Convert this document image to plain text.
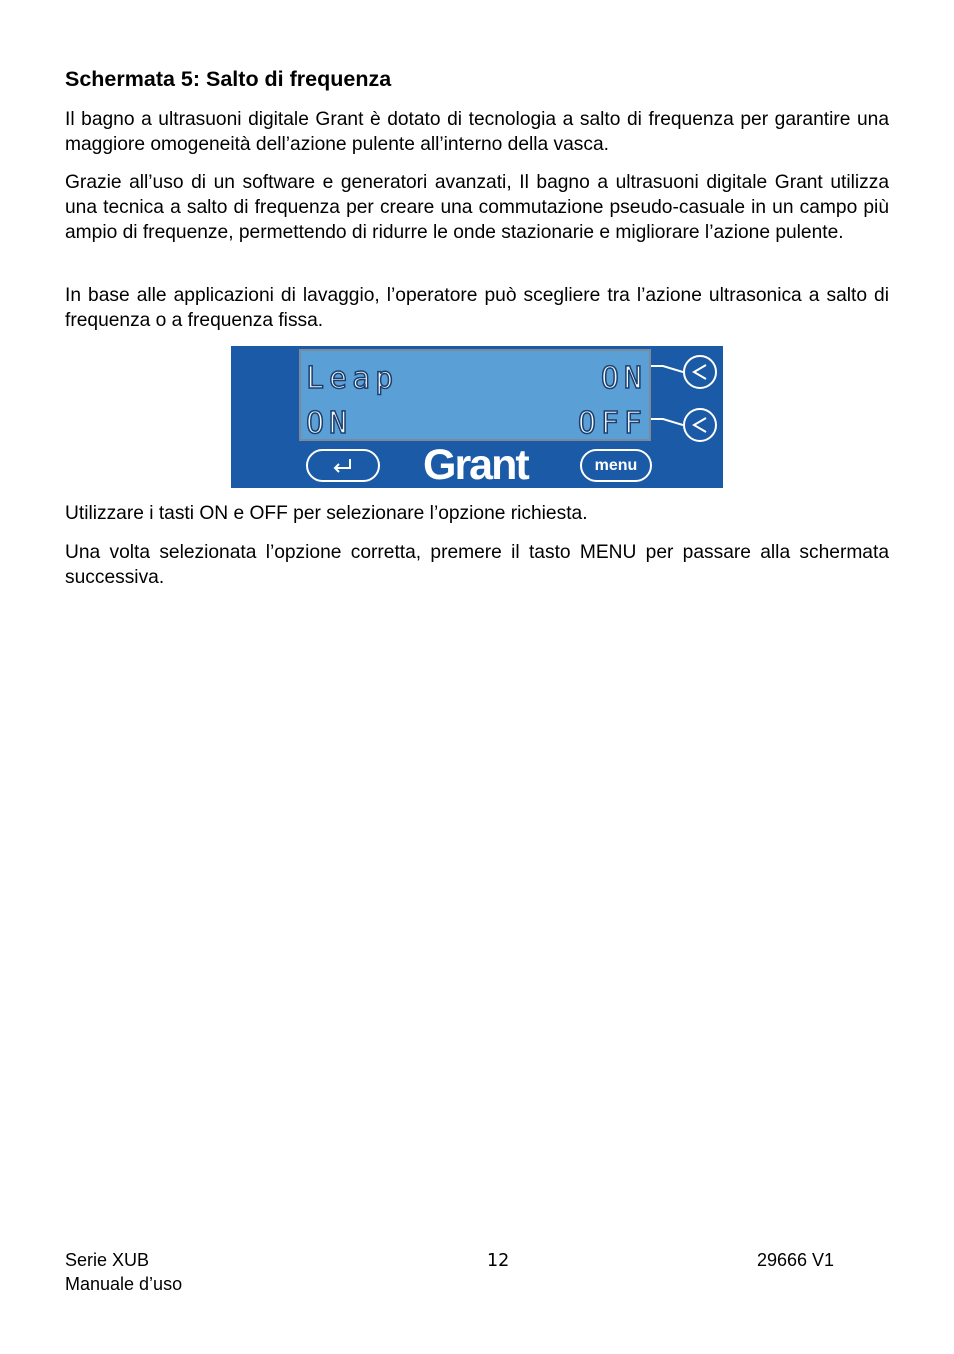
Schermata 5: Salto di frequenza

Il bagno a ultrasuoni digitale Grant è dotato di tecnologia a salto di frequenza per garantire una maggiore omogeneità dell’azione pulente all’interno della vasca.

Grazie all’uso di un software e generatori avanzati, Il bagno a ultrasuoni digitale Grant utilizza una tecnica a salto di frequenza per creare una commutazione pseudo-casuale in un campo più ampio di frequenze, permettendo di ridurre le onde stazionarie e migliorare l’azione pulente.

In base alle applicazioni di lavaggio, l’operatore può scegliere tra l’azione ultrasonica a salto di frequenza o a frequenza fissa.

Leap	ON
ON	OFF
Grant	menu

Utilizzare i tasti ON e OFF per selezionare l’opzione richiesta.

Una volta selezionata l’opzione corretta, premere il tasto MENU per passare alla schermata successiva.

Serie XUB
Manuale d’uso
12	29666 V1
